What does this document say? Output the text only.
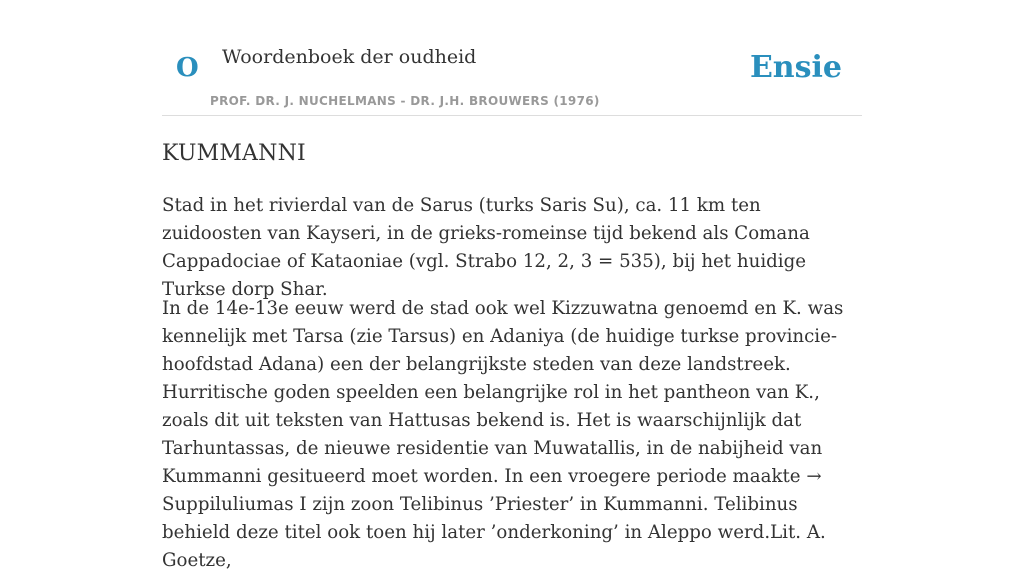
O Woordenboek der oudheid
PROF. DR. J. NUCHELMANS - DR. J.H. BROUWERS (1976)
Ensie
KUMMANNI

Stad in het rivierdal van de Sarus (turks Saris Su), ca. 11 km ten zuidoosten van Kayseri, in de grieks-romeinse tijd bekend als Comana Cappadociae of Kataoniae (vgl. Strabo 12, 2, 3 = 535), bij het huidige Turkse dorp Shar.

In de 14e-13e eeuw werd de stad ook wel Kizzuwatna genoemd en K. was kennelijk met Tarsa (zie Tarsus) en Adaniya (de huidige turkse provincie-hoofdstad Adana) een der belangrijkste steden van deze landstreek. Hurritische goden speelden een belangrijke rol in het pantheon van K., zoals dit uit teksten van Hattusas bekend is. Het is waarschijnlijk dat Tarhuntassas, de nieuwe residentie van Muwatallis, in de nabijheid van Kummanni gesitueerd moet worden. In een vroegere periode maakte → Suppiluliumas I zijn zoon Telibinus ’Priester’ in Kummanni. Telibinus behield deze titel ook toen hij later ’onderkoning’ in Aleppo werd.Lit. A. Goetze,
